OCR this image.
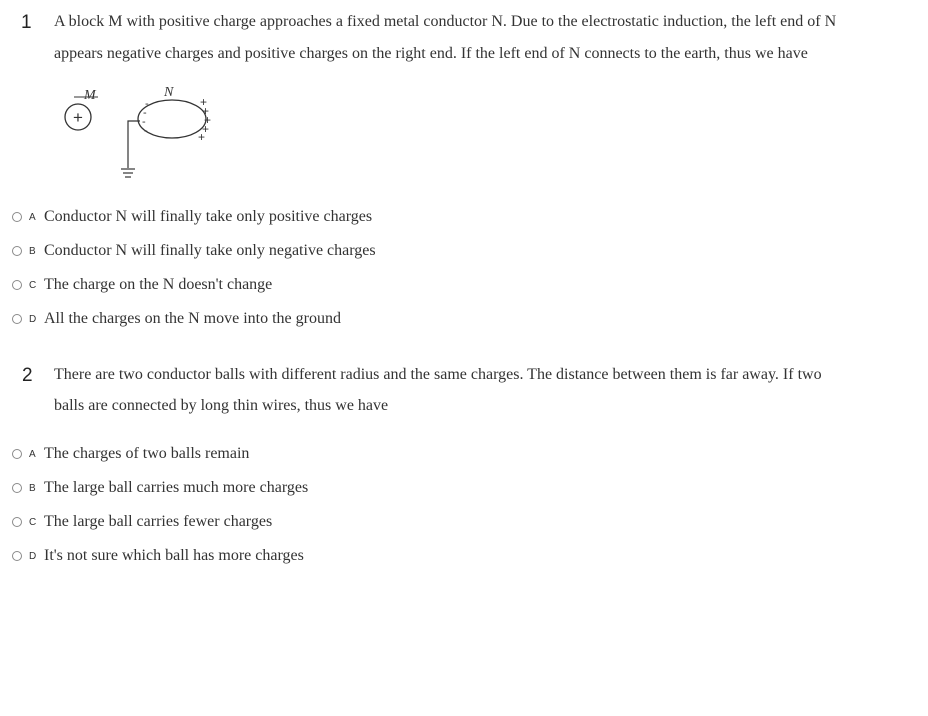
1 A block M with positive charge approaches a fixed metal conductor N. Due to the electrostatic induction, the left end of N
appears negative charges and positive charges on the right end. If the left end of N connects to the earth, thus we have
M
+
N
-
-
-
-
+
+
+
+
+
A Conductor N will finally take only positive charges
B Conductor N will finally take only negative charges
C The charge on the N doesn't change
D All the charges on the N move into the ground
2 There are two conductor balls with different radius and the same charges. The distance between them is far away. If two
balls are connected by long thin wires, thus we have
A The charges of two balls remain
B The large ball carries much more charges
C The large ball carries fewer charges
D It's not sure which ball has more charges
